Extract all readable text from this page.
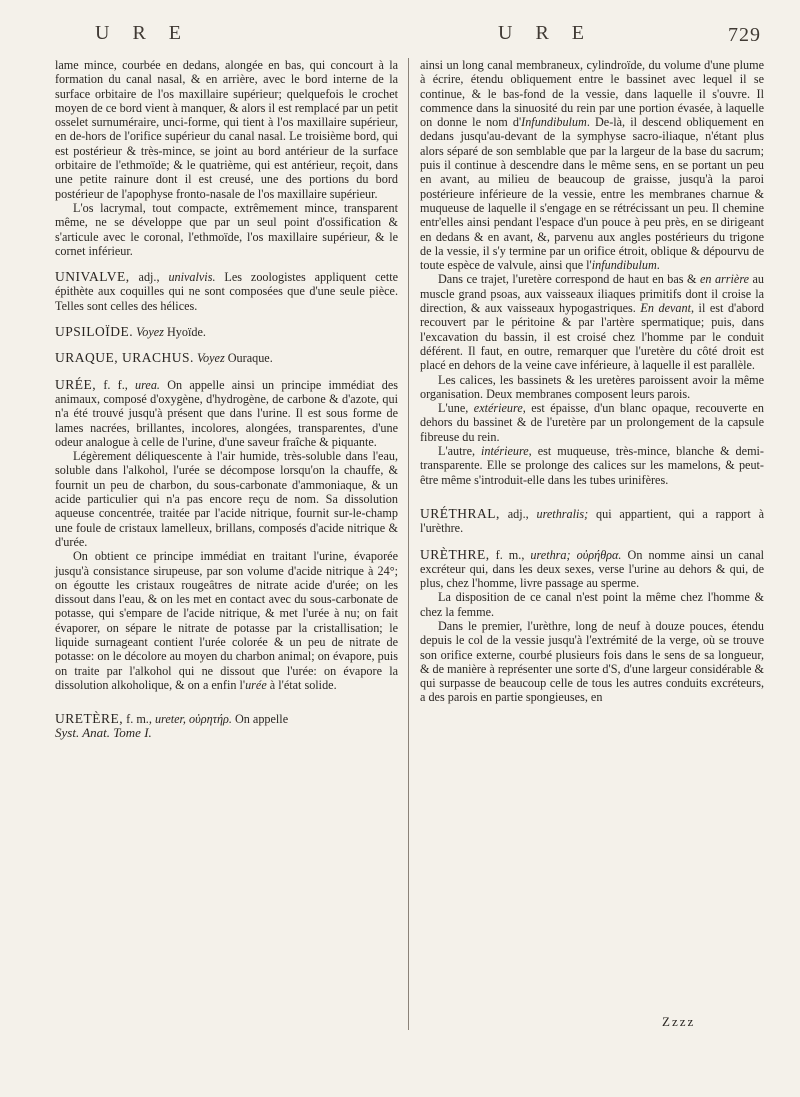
U R E	U R E	729

lame mince, courbée en dedans, alongée en bas, qui concourt à la formation du canal nasal, & en arrière, avec le bord interne de la surface orbitaire de l'os maxillaire supérieur; quelquefois le crochet moyen de ce bord vient à manquer, & alors il est remplacé par un petit osselet surnuméraire, unci-forme, qui tient à l'os maxillaire supérieur, en de-hors de l'orifice supérieur du canal nasal. Le troisième bord, qui est postérieur & très-mince, se joint au bord antérieur de la surface orbitaire de l'ethmoïde; & le quatrième, qui est antérieur, reçoit, dans une petite rainure dont il est creusé, une des portions du bord postérieur de l'apophyse fronto-nasale de l'os maxillaire supérieur.

L'os lacrymal, tout compacte, extrêmement mince, transparent même, ne se développe que par un seul point d'ossification & s'articule avec le coronal, l'ethmoïde, l'os maxillaire supérieur, & le cornet inférieur.

UNIVALVE, adj., univalvis. Les zoologistes appliquent cette épithète aux coquilles qui ne sont composées que d'une seule pièce. Telles sont celles des hélices.

UPSILOÏDE. Voyez Hyoïde.

URAQUE, URACHUS. Voyez Ouraque.

URÉE, f. f., urea. On appelle ainsi un principe immédiat des animaux, composé d'oxygène, d'hydrogène, de carbone & d'azote, qui n'a été trouvé jusqu'à présent que dans l'urine. Il est sous forme de lames nacrées, brillantes, incolores, alongées, transparentes, d'une odeur analogue à celle de l'urine, d'une saveur fraîche & piquante.

Légèrement déliquescente à l'air humide, très-soluble dans l'eau, soluble dans l'alkohol, l'urée se décompose lorsqu'on la chauffe, & fournit un peu de charbon, du sous-carbonate d'ammoniaque, & un acide particulier qui n'a pas encore reçu de nom. Sa dissolution aqueuse concentrée, traitée par l'acide nitrique, fournit sur-le-champ une foule de cristaux lamelleux, brillans, composés d'acide nitrique & d'urée.

On obtient ce principe immédiat en traitant l'urine, évaporée jusqu'à consistance sirupeuse, par son volume d'acide nitrique à 24°; on égoutte les cristaux rougeâtres de nitrate acide d'urée; on les dissout dans l'eau, & on les met en contact avec du sous-carbonate de potasse, qui s'empare de l'acide nitrique, & met l'urée à nu; on fait évaporer, on sépare le nitrate de potasse par la cristallisation; le liquide surnageant contient l'urée colorée & un peu de nitrate de potasse: on le décolore au moyen du charbon animal; on évapore, puis on traite par l'alkohol qui ne dissout que l'urée: on évapore la dissolution alkoholique, & on a enfin l'urée à l'état solide.

URETÈRE, f. m., ureter, οὐρητήρ. On appelle

Syst. Anat. Tome I.

ainsi un long canal membraneux, cylindroïde, du volume d'une plume à écrire, étendu obliquement entre le bassinet avec lequel il se continue, & le bas-fond de la vessie, dans laquelle il s'ouvre. Il commence dans la sinuosité du rein par une portion évasée, à laquelle on donne le nom d'Infundibulum. De-là, il descend obliquement en dedans jusqu'au-devant de la symphyse sacro-iliaque, n'étant plus alors séparé de son semblable que par la largeur de la base du sacrum; puis il continue à descendre dans le même sens, en se portant un peu en avant, au milieu de beaucoup de graisse, jusqu'à la paroi postérieure inférieure de la vessie, entre les membranes charnue & muqueuse de laquelle il s'engage en se rétrécissant un peu. Il chemine entr'elles ainsi pendant l'espace d'un pouce à peu près, en se dirigeant en dedans & en avant, &, parvenu aux angles postérieurs du trigone de la vessie, il s'y termine par un orifice étroit, oblique & dépourvu de toute espèce de valvule, ainsi que l'infundibulum.

Dans ce trajet, l'uretère correspond de haut en bas & en arrière au muscle grand psoas, aux vaisseaux iliaques primitifs dont il croise la direction, & aux vaisseaux hypogastriques. En devant, il est d'abord recouvert par le péritoine & par l'artère spermatique; puis, dans l'excavation du bassin, il est croisé chez l'homme par le conduit déférent. Il faut, en outre, remarquer que l'uretère du côté droit est placé en dehors de la veine cave inférieure, à laquelle il est parallèle.

Les calices, les bassinets & les uretères paroissent avoir la même organisation. Deux membranes composent leurs parois.

L'une, extérieure, est épaisse, d'un blanc opaque, recouverte en dehors du bassinet & de l'uretère par un prolongement de la capsule fibreuse du rein.

L'autre, intérieure, est muqueuse, très-mince, blanche & demi-transparente. Elle se prolonge des calices sur les mamelons, & peut-être même s'introduit-elle dans les tubes urinifères.

URÉTHRAL, adj., urethralis; qui appartient, qui a rapport à l'urèthre.

URÈTHRE, f. m., urethra; οὐρήθρα. On nomme ainsi un canal excréteur qui, dans les deux sexes, verse l'urine au dehors & qui, de plus, chez l'homme, livre passage au sperme.

La disposition de ce canal n'est point la même chez l'homme & chez la femme.

Dans le premier, l'urèthre, long de neuf à douze pouces, étendu depuis le col de la vessie jusqu'à l'extrémité de la verge, où se trouve son orifice externe, courbé plusieurs fois dans le sens de sa longueur, & de manière à représenter une sorte d'S, d'une largeur considérable & qui surpasse de beaucoup celle de tous les autres conduits excréteurs, a des parois en partie spongieuses, en

Zzzz
